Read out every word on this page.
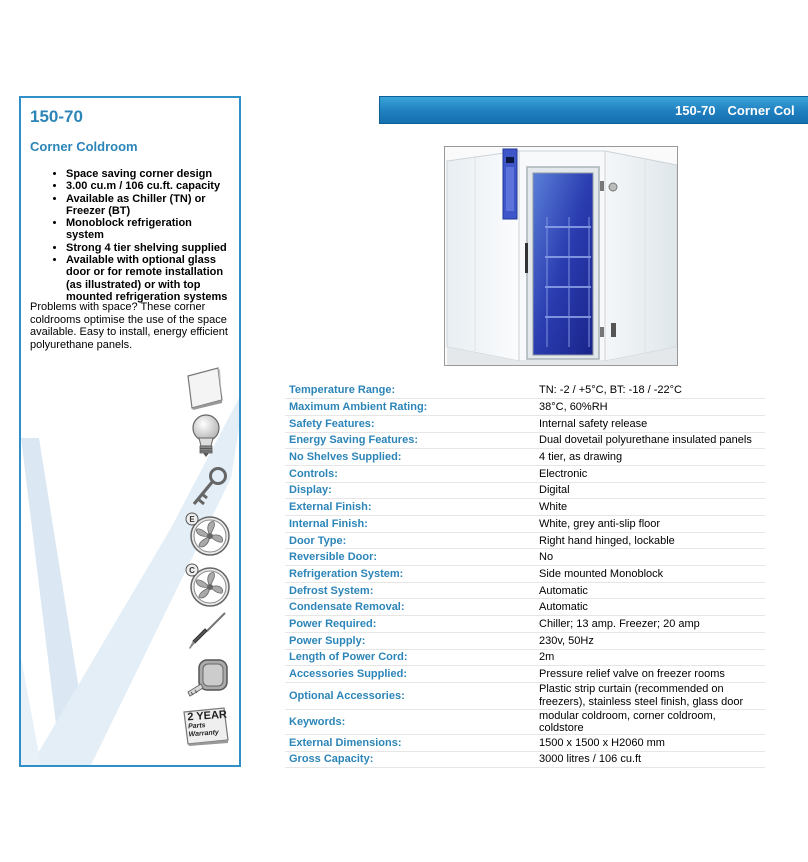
150-70
Corner Coldroom
• Space saving corner design
• 3.00 cu.m / 106 cu.ft. capacity
• Available as Chiller (TN) or Freezer (BT)
• Monoblock refrigeration system
• Strong 4 tier shelving supplied
• Available with optional glass door or for remote installation (as illustrated) or with top mounted refrigeration systems

Problems with space? These corner coldrooms optimise the use of the space available. Easy to install, energy efficient polyurethane panels.

E
C
2 YEAR
Parts
Warranty
150-70 Corner Col
Temperature Range:	TN: -2 / +5°C, BT: -18 / -22°C
Maximum Ambient Rating:	38°C, 60%RH
Safety Features:	Internal safety release
Energy Saving Features:	Dual dovetail polyurethane insulated panels
No Shelves Supplied:	4 tier, as drawing
Controls:	Electronic
Display:	Digital
External Finish:	White
Internal Finish:	White, grey anti-slip floor
Door Type:	Right hand hinged, lockable
Reversible Door:	No
Refrigeration System:	Side mounted Monoblock
Defrost System:	Automatic
Condensate Removal:	Automatic
Power Required:	Chiller; 13 amp. Freezer; 20 amp
Power Supply:	230v, 50Hz
Length of Power Cord:	2m
Accessories Supplied:	Pressure relief valve on freezer rooms
Optional Accessories:	Plastic strip curtain (recommended on freezers), stainless steel finish, glass door
Keywords:	modular coldroom, corner coldroom, coldstore
External Dimensions:	1500 x 1500 x H2060 mm
Gross Capacity:	3000 litres / 106 cu.ft
